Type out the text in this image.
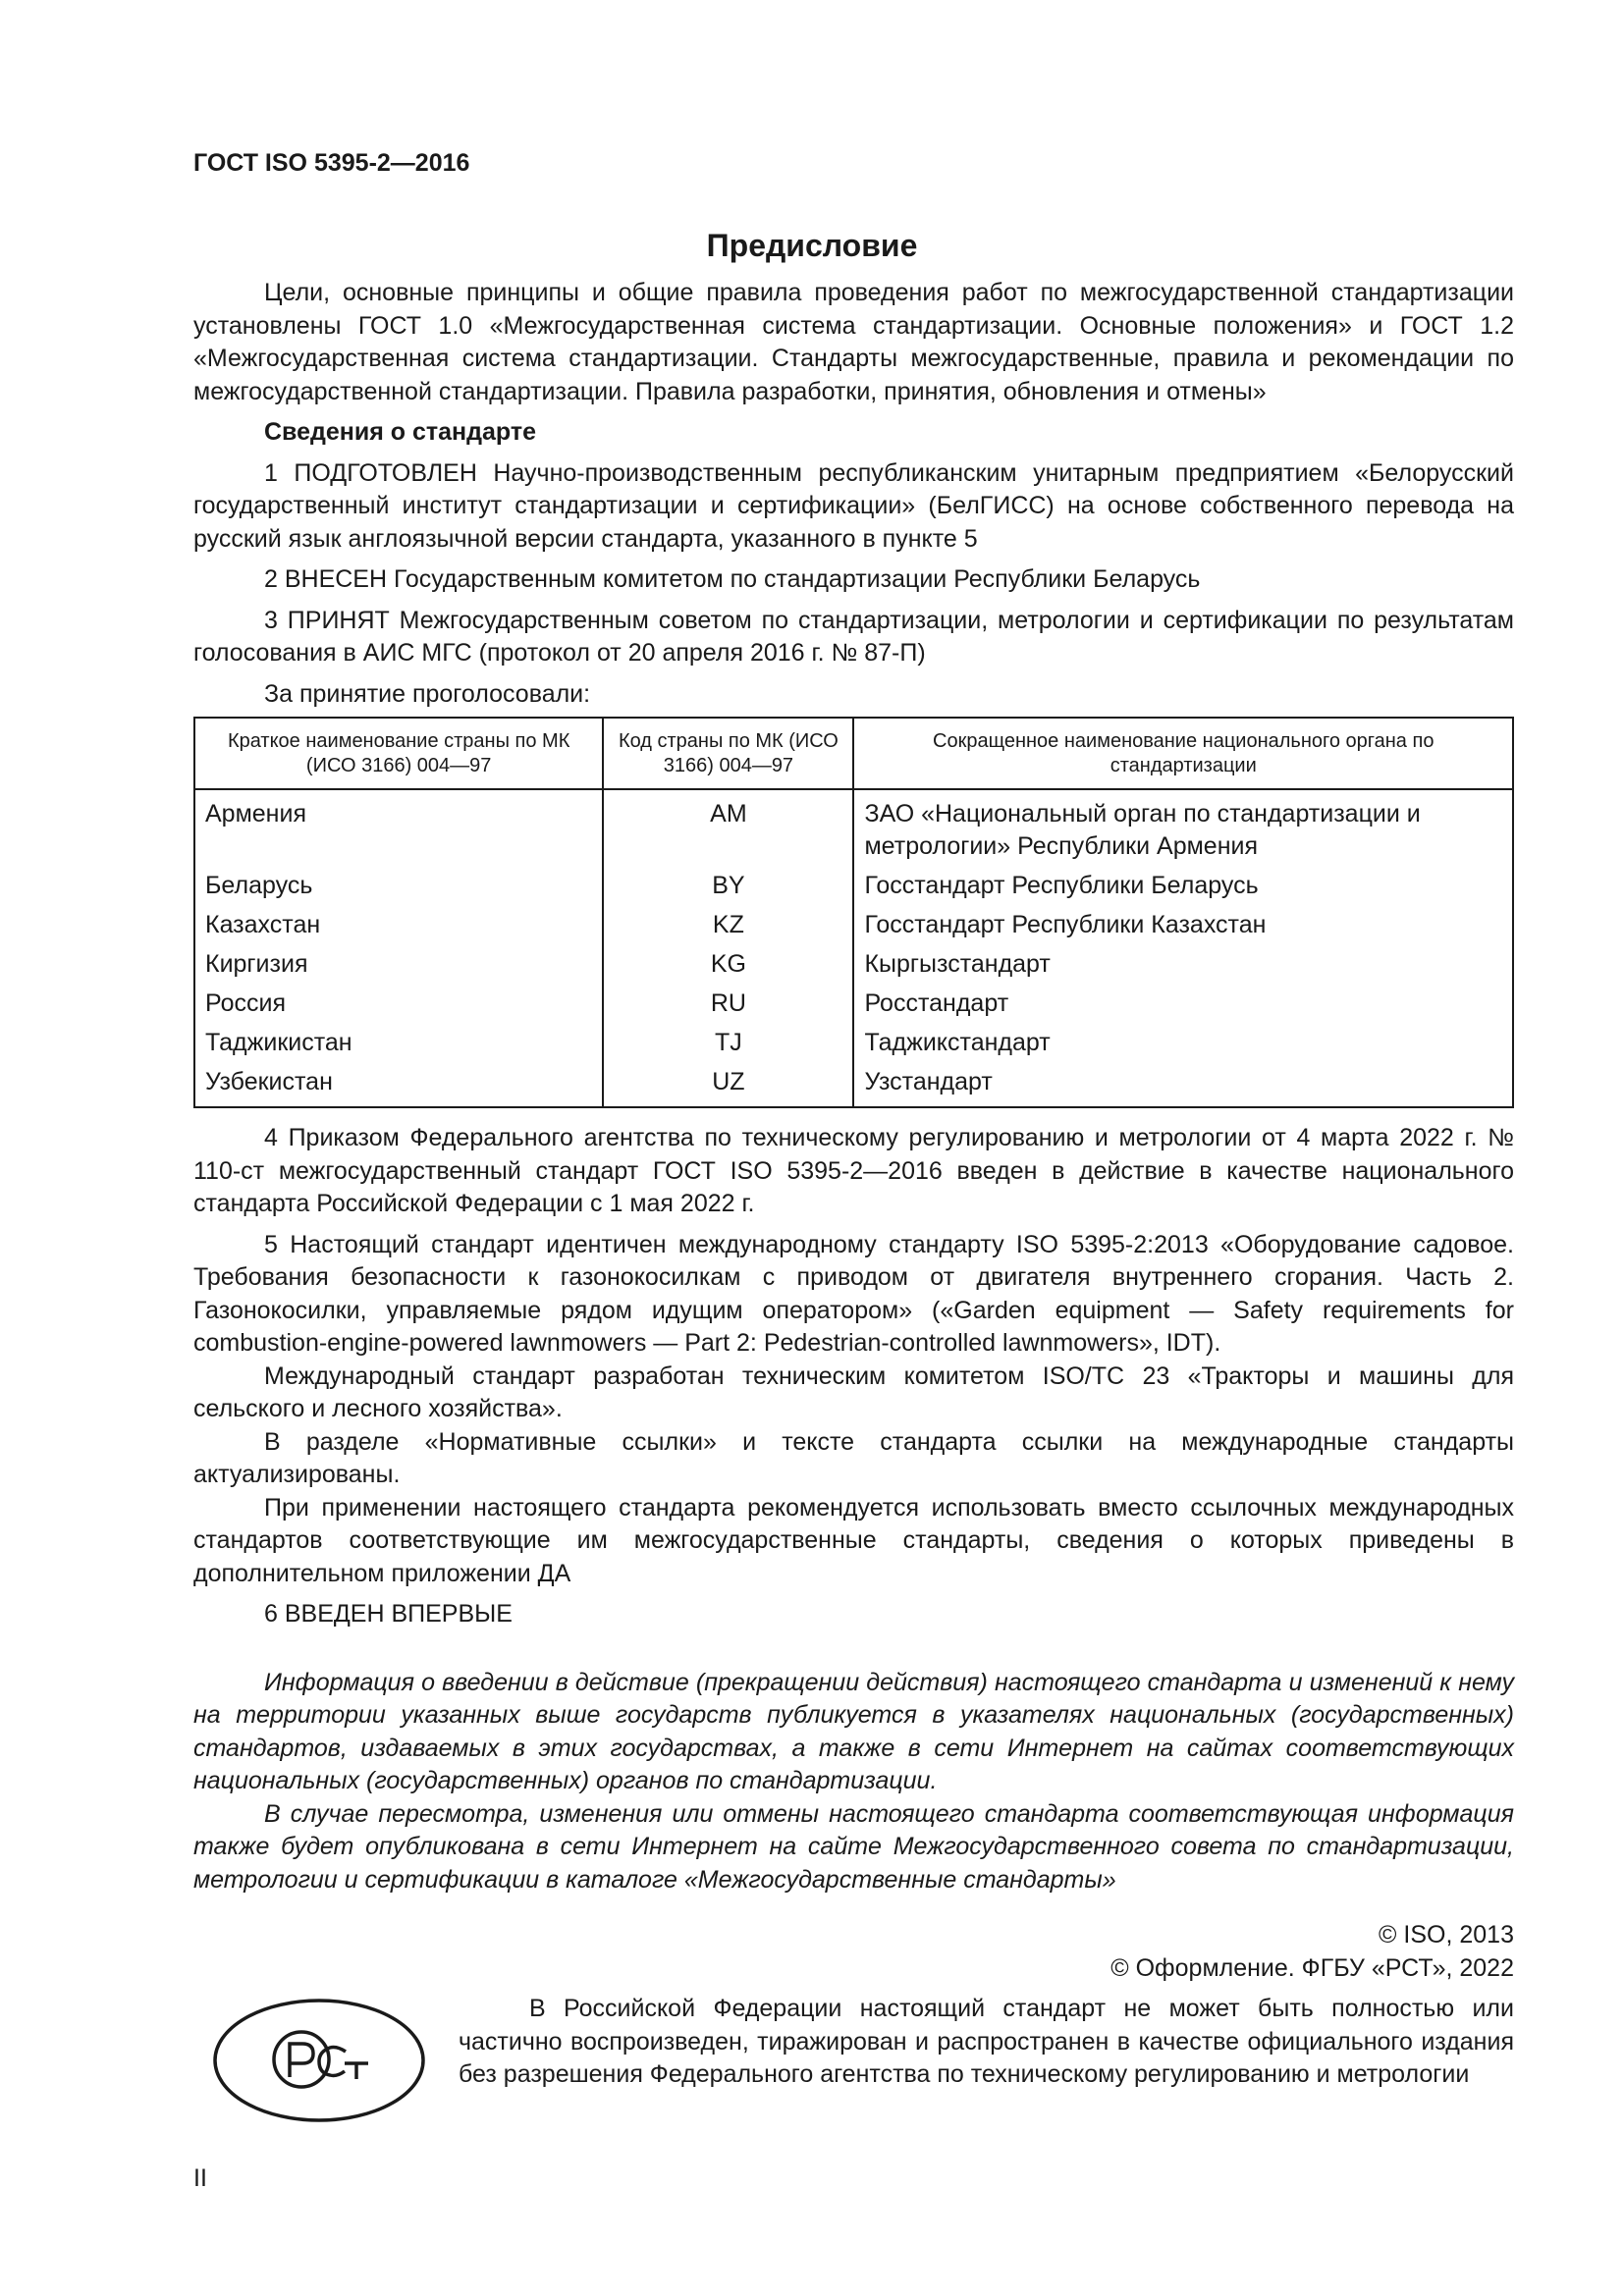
ГОСТ ISO 5395-2—2016
Предисловие

Цели, основные принципы и общие правила проведения работ по межгосударственной стандартизации установлены ГОСТ 1.0 «Межгосударственная система стандартизации. Основные положения» и ГОСТ 1.2 «Межгосударственная система стандартизации. Стандарты межгосударственные, правила и рекомендации по межгосударственной стандартизации. Правила разработки, принятия, обновления и отмены»

Сведения о стандарте

1 ПОДГОТОВЛЕН Научно-производственным республиканским унитарным предприятием «Белорусский государственный институт стандартизации и сертификации» (БелГИСС) на основе собственного перевода на русский язык англоязычной версии стандарта, указанного в пункте 5

2 ВНЕСЕН Государственным комитетом по стандартизации Республики Беларусь

3 ПРИНЯТ Межгосударственным советом по стандартизации, метрологии и сертификации по результатам голосования в АИС МГС (протокол от 20 апреля 2016 г. № 87-П)

За принятие проголосовали:

Краткое наименование страны по МК (ИСО 3166) 004—97	Код страны по МК (ИСО 3166) 004—97	Сокращенное наименование национального органа по стандартизации
Армения	AM	ЗАО «Национальный орган по стандартизации и метрологии» Республики Армения
Беларусь	BY	Госстандарт Республики Беларусь
Казахстан	KZ	Госстандарт Республики Казахстан
Киргизия	KG	Кыргызстандарт
Россия	RU	Росстандарт
Таджикистан	TJ	Таджикстандарт
Узбекистан	UZ	Узстандарт

4 Приказом Федерального агентства по техническому регулированию и метрологии от 4 марта 2022 г. № 110-ст межгосударственный стандарт ГОСТ ISO 5395-2—2016 введен в действие в качестве национального стандарта Российской Федерации с 1 мая 2022 г.

5 Настоящий стандарт идентичен международному стандарту ISO 5395-2:2013 «Оборудование садовое. Требования безопасности к газонокосилкам с приводом от двигателя внутреннего сгорания. Часть 2. Газонокосилки, управляемые рядом идущим оператором» («Garden equipment — Safety requirements for combustion-engine-powered lawnmowers — Part 2: Pedestrian-controlled lawnmowers», IDT).

Международный стандарт разработан техническим комитетом ISO/TC 23 «Тракторы и машины для сельского и лесного хозяйства».

В разделе «Нормативные ссылки» и тексте стандарта ссылки на международные стандарты актуализированы.

При применении настоящего стандарта рекомендуется использовать вместо ссылочных международных стандартов соответствующие им межгосударственные стандарты, сведения о которых приведены в дополнительном приложении ДА

6 ВВЕДЕН ВПЕРВЫЕ

Информация о введении в действие (прекращении действия) настоящего стандарта и изменений к нему на территории указанных выше государств публикуется в указателях национальных (государственных) стандартов, издаваемых в этих государствах, а также в сети Интернет на сайтах соответствующих национальных (государственных) органов по стандартизации.

В случае пересмотра, изменения или отмены настоящего стандарта соответствующая информация также будет опубликована в сети Интернет на сайте Межгосударственного совета по стандартизации, метрологии и сертификации в каталоге «Межгосударственные стандарты»

© ISO, 2013
© Оформление. ФГБУ «РСТ», 2022
В Российской Федерации настоящий стандарт не может быть полностью или частично воспроизведен, тиражирован и распространен в качестве официального издания без разрешения Федерального агентства по техническому регулированию и метрологии
II
